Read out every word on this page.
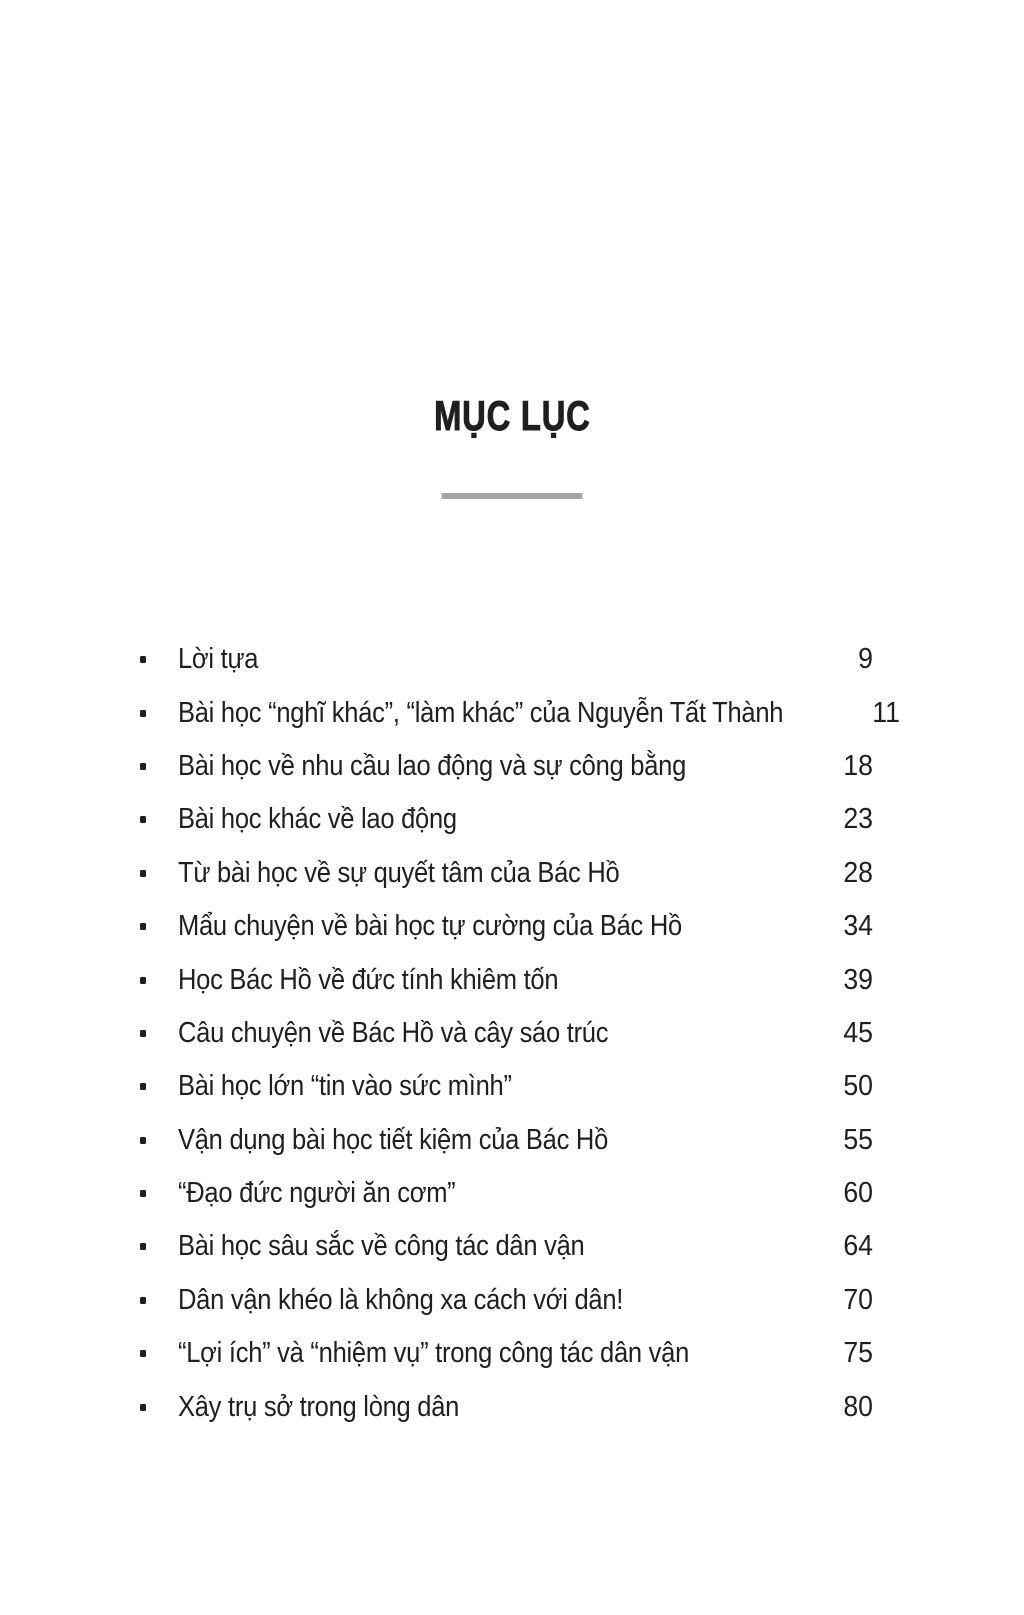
MỤC LỤC
Lời tựa	9
Bài học “nghĩ khác”, “làm khác” của Nguyễn Tất Thành	11
Bài học về nhu cầu lao động và sự công bằng	18
Bài học khác về lao động	23
Từ bài học về sự quyết tâm của Bác Hồ	28
Mẩu chuyện về bài học tự cường của Bác Hồ	34
Học Bác Hồ về đức tính khiêm tốn	39
Câu chuyện về Bác Hồ và cây sáo trúc	45
Bài học lớn “tin vào sức mình”	50
Vận dụng bài học tiết kiệm của Bác Hồ	55
“Đạo đức người ăn cơm”	60
Bài học sâu sắc về công tác dân vận	64
Dân vận khéo là không xa cách với dân!	70
“Lợi ích” và “nhiệm vụ” trong công tác dân vận	75
Xây trụ sở trong lòng dân	80
